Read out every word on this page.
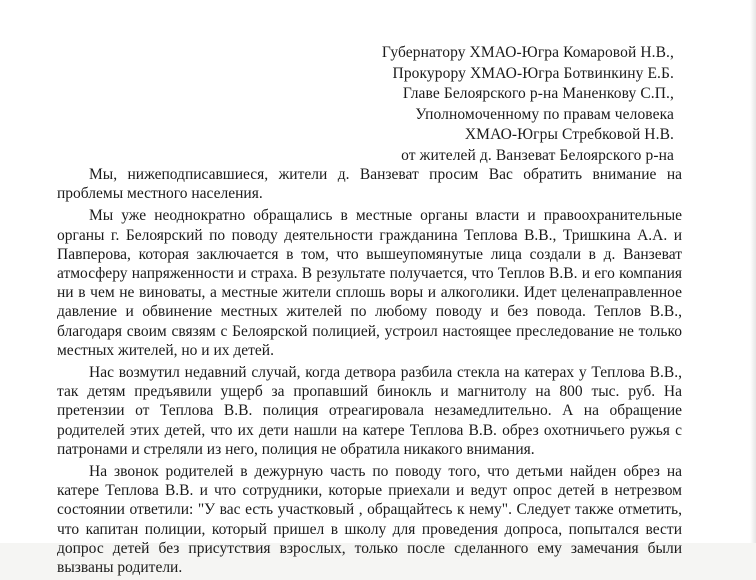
Губернатору ХМАО-Югра Комаровой Н.В.,
Прокурору ХМАО-Югра Ботвинкину Е.Б.
Главе Белоярского р-на Маненкову С.П.,
Уполномоченному по правам человека
ХМАО-Югры Стребковой Н.В.
от жителей д. Ванзеват Белоярского р-на

Мы, нижеподписавшиеся, жители д. Ванзеват просим Вас обратить внимание на проблемы местного населения.

Мы уже неоднократно обращались в местные органы власти и правоохранительные органы г. Белоярский по поводу деятельности гражданина Теплова В.В., Тришкина А.А. и Павперова, которая заключается в том, что вышеупомянутые лица создали в д. Ванзеват атмосферу напряженности и страха. В результате получается, что Теплов В.В. и его компания ни в чем не виноваты, а местные жители сплошь воры и алкоголики. Идет целенаправленное давление и обвинение местных жителей по любому поводу и без повода. Теплов В.В., благодаря своим связям с Белоярской полицией, устроил настоящее преследование не только местных жителей, но и их детей.

Нас возмутил недавний случай, когда детвора разбила стекла на катерах у Теплова В.В., так детям предъявили ущерб за пропавший бинокль и магнитолу на 800 тыс. руб. На претензии от Теплова В.В. полиция отреагировала незамедлительно. А на обращение родителей этих детей, что их дети нашли на катере Теплова В.В. обрез охотничьего ружья с патронами и стреляли из него, полиция не обратила никакого внимания.

На звонок родителей в дежурную часть по поводу того, что детьми найден обрез на катере Теплова В.В. и что сотрудники, которые приехали и ведут опрос детей в нетрезвом состоянии ответили: "У вас есть участковый , обращайтесь к нему". Следует также отметить, что капитан полиции, который пришел в школу для проведения допроса, попытался вести допрос детей без присутствия взрослых, только после сделанного ему замечания были вызваны родители.
